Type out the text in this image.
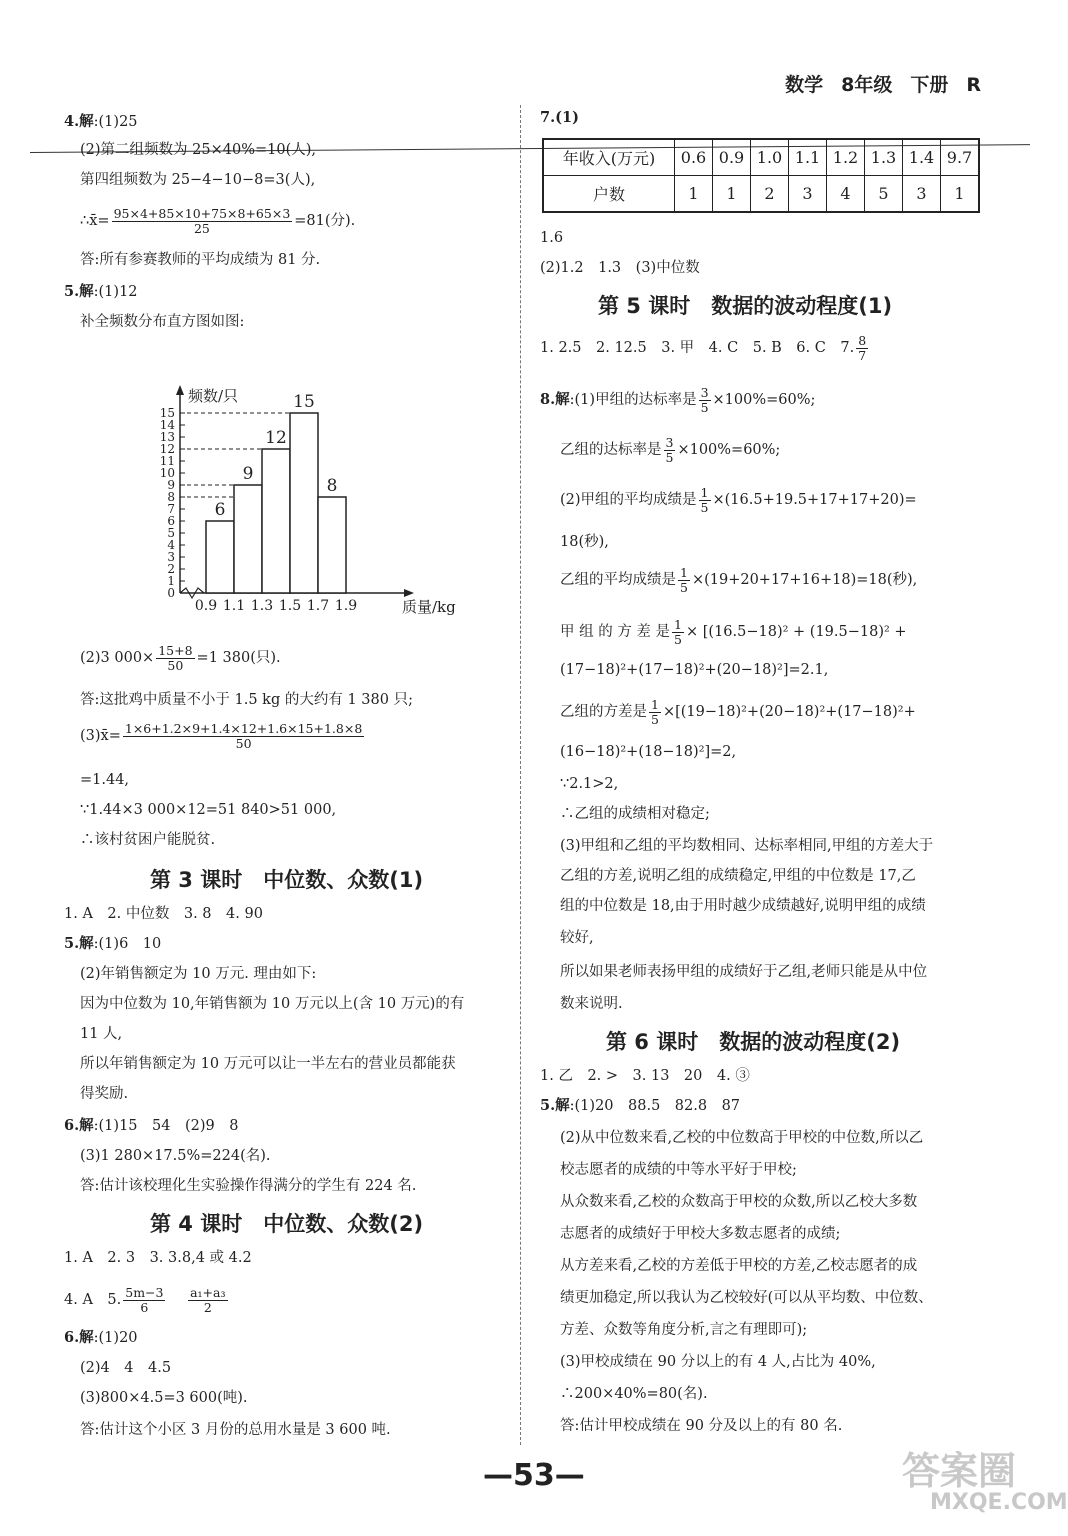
数学 8年级 下册 R
4.解:(1)25
(2)第二组频数为 25×40%=10(人),
第四组频数为 25−4−10−8=3(人),
∴x̄= $\frac{95\times 4+85\times 10+75\times 8+65\times 3}{25} =81$(分).
答:所有参赛教师的平均成绩为 81 分.
5.解:(1)12
补全频数分布直方图如图:
0
1
2
3
4
5
6
7
8
9
10
11
12
13
14
15
6
9
12
15
8
0.9 1.1 1.3 1.5 1.7 1.9	质量/kg
频数/只
(2)3 $000\times \frac{15+8}{50} =1$ 380(只).
答:这批鸡中质量不小于 1.5 kg 的大约有 1 380 只;
(3)x̄= $\frac{1\times 6+1.2\times 9+1.4\times 12+1.6\times 15+1.8\times 8}{50}$
=1.44,
∵1.44×3 000×12=51 840>51 000,
∴该村贫困户能脱贫.
第 3 课时　中位数、众数(1)
1. A　2. 中位数　3. 8　4. 90
5.解:(1)6　10
(2)年销售额定为 10 万元. 理由如下:
因为中位数为 10,年销售额为 10 万元以上(含 10 万元)的有
11 人,
所以年销售额定为 10 万元可以让一半左右的营业员都能获
得奖励.
6.解:(1)15　54　(2)9　8
(3)1 280×17.5%=224(名).
答:估计该校理化生实验操作得满分的学生有 224 名.
第 4 课时　中位数、众数(2)
1. A　2. 3　3. 3.8,4 或 4.2
4. A　5. $\frac{5m-3}{6}$
$\frac{\text{a₁+a₃}}{2}$
6.解:(1)20
(2)4　4　4.5
(3)800×4.5=3 600(吨).
答:估计这个小区 3 月份的总用水量是 3 600 吨.
7.(1)
年收入(万元)	0.6	0.9	1.0	1.1	1.2	1.3	1.4	9.7
户数	1	1	2	3	4	5	3	1
1.6
(2)1.2　1.3　(3)中位数
第 5 课时　数据的波动程度(1)
1. 2.5　2. 12.5　3. 甲　4. C　5. B　6. C　7. $\frac{8}{7}$
8.解:(1)甲组的达标率是 $\frac{3}{5} \times 100\%=60\%$;
乙组的达标率是 $\frac{3}{5} \times 100\%=60\%$;
(2)甲组的平均成绩是 $\frac{1}{5} \times(16.5+19.5+17+17+20)=$
18(秒),
乙组的平均成绩是 $\frac{1}{5} \times(19+20+17+16+18)=18$(秒),
甲 组 的 方 差 是 $\frac{1}{5} \times [(16.5-18)^2 + (19.5-18)^2$ +
(17−18)²+(17−18)²+(20−18)²]=2.1,
乙组的方差是 $\frac{1}{5} \times[(19-18)^2+(20-18)^2+(17-18)^2+$
(16−18)²+(18−18)²]=2,
∵2.1>2,
∴乙组的成绩相对稳定;
(3)甲组和乙组的平均数相同、达标率相同,甲组的方差大于
乙组的方差,说明乙组的成绩稳定,甲组的中位数是 17,乙
组的中位数是 18,由于用时越少成绩越好,说明甲组的成绩
较好,
所以如果老师表扬甲组的成绩好于乙组,老师只能是从中位
数来说明.
第 6 课时　数据的波动程度(2)
1. 乙　2. >　3. 13　20　4. ③
5.解:(1)20　88.5　82.8　87
(2)从中位数来看,乙校的中位数高于甲校的中位数,所以乙
校志愿者的成绩的中等水平好于甲校;
从众数来看,乙校的众数高于甲校的众数,所以乙校大多数
志愿者的成绩好于甲校大多数志愿者的成绩;
从方差来看,乙校的方差低于甲校的方差,乙校志愿者的成
绩更加稳定,所以我认为乙校较好(可以从平均数、中位数、
方差、众数等角度分析,言之有理即可);
(3)甲校成绩在 90 分以上的有 4 人,占比为 40%,
∴200×40%=80(名).
答:估计甲校成绩在 90 分及以上的有 80 名.
—53—	答案圈
MXQE.COM
